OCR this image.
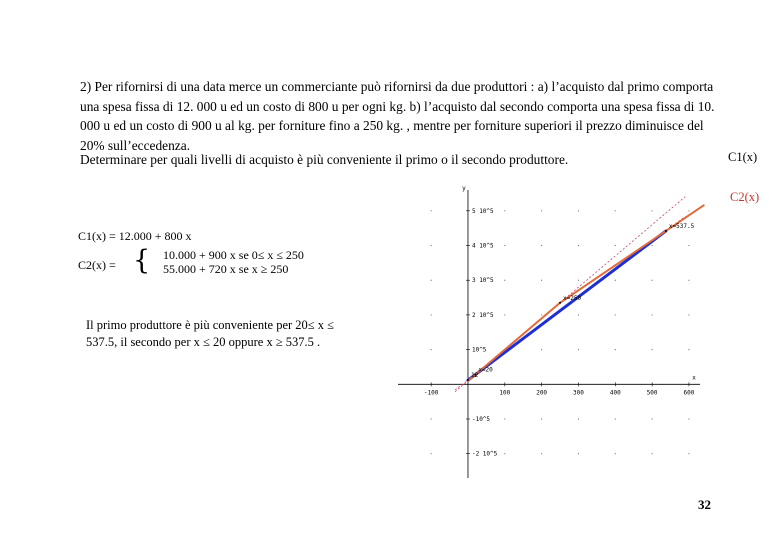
2) Per rifornirsi di una data merce un commerciante può rifornirsi da due produttori : a) l’acquisto dal primo comporta una spesa fissa di 12. 000 u ed un costo di 800 u per ogni kg. b) l’acquisto dal secondo comporta una spesa fissa di 10. 000 u ed un costo di 900 u al kg. per forniture fino a 250 kg. , mentre per forniture superiori il prezzo diminuisce del 20% sull’eccedenza.

Determinare per quali livelli di acquisto è più conveniente il primo o il secondo produttore.	C1(x)
C2(x)
C1(x) = 12.000 + 800 x
C2(x) = { 10.000 + 900 x se 0≤ x ≤ 250
55.000 + 720 x se x ≥ 250

Il primo produttore è più conveniente per 20≤ x ≤ 537.5, il secondo per x ≤ 20 oppure x ≥ 537.5 .

32
x
y
-100	100	200	300	400	500	600
5 10^5
4 10^5
3 10^5
2 10^5
10^5
-10^5
-2 10^5
x=20
x=250
x=537.5
12
